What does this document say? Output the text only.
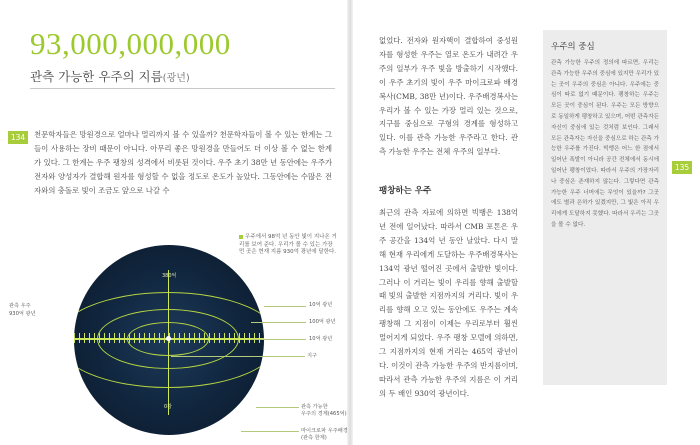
93,000,000,000
관측 가능한 우주의 지름(광년)
134
135

천문학자들은 망원경으로 얼마나 멀리까지 볼 수 있을까? 천문학자들이 볼 수 있는 한계는 그들이 사용하는 장비 때문이 아니다. 아무리 좋은 망원경을 만들어도 더 이상 볼 수 없는 한계가 있다. 그 한계는 우주 팽창의 성격에서 비롯된 것이다. 우주 초기 38만 년 동안에는 우주가 전자와 양성자가 결합해 원자를 형성할 수 없을 정도로 온도가 높았다. 그동안에는 수많은 전자와의 충돌로 빛이 조금도 앞으로 나갈 수

우주에서 98억 년 동안 빛이 지나온 거리를 보여 준다. 우리가 볼 수 있는 가장 먼 곳은 현재 지름 930억 광년에 달한다.
380억
0광
관측 우주
930억 광년
10억 광년
100억 광년
10억 광년
지구
관측 가능한
우주의 경계(465억)
마이크로파 우주배경
(관측 한계)

없었다. 전자와 원자핵이 결합하여 중성원자를 형성한 우주는 열로 온도가 내려간 우주의 일부가 우주 빛을 방출하기 시작했다. 이 우주 초기의 빛이 우주 마이크로파 배경복사(CMB, 38만 년)이다. 우주배경복사는 우리가 볼 수 있는 가장 멀리 있는 것으로, 지구를 중심으로 구형의 경계를 형성하고 있다. 이를 관측 가능한 우주라고 한다. 관측 가능한 우주는 전체 우주의 일부다.

팽창하는 우주

최근의 관측 자료에 의하면 빅뱅은 138억 년 전에 일어났다. 따라서 CMB 포톤은 우주 공간을 134억 년 동안 날았다. 다시 말해 현재 우리에게 도달하는 우주배경복사는 134억 광년 떨어진 곳에서 출발한 빛이다. 그러나 이 거리는 빛이 우리를 향해 출발할 때 빛의 출발한 지점까지의 거리다. 빛이 우리를 향해 오고 있는 동안에도 우주는 계속 팽창해 그 지점이 이제는 우리로부터 훨씬 멀어지게 되었다. 우주 팽창 모델에 의하면, 그 지점까지의 현재 거리는 465억 광년이다. 이것이 관측 가능한 우주의 반지름이며, 따라서 관측 가능한 우주의 지름은 이 거리의 두 배인 930억 광년이다.

우주의 중심

관측 가능한 우주의 정의에 따르면, 우리는 관측 가능한 우주의 중심에 있지만 우리가 있는 곳이 우주의 중심은 아니다. 우주에는 중심이 따로 없기 때문이다. 팽창하는 우주는 모든 곳이 중심이 된다. 우주는 모든 방향으로 동일하게 팽창하고 있으며, 어떤 관측자든 자신이 중심에 있는 것처럼 보인다. 그래서 모든 관측자는 자신을 중심으로 하는 관측 가능한 우주를 가진다. 빅뱅은 어느 한 점에서 일어난 폭발이 아니라 공간 전체에서 동시에 일어난 팽창이었다. 따라서 우주의 가장자리나 중심은 존재하지 않는다. 그렇다면 관측 가능한 우주 너머에는 무엇이 있을까? 그곳에도 별과 은하가 있겠지만, 그 빛은 아직 우리에게 도달하지 못했다. 따라서 우리는 그곳을 볼 수 없다.
